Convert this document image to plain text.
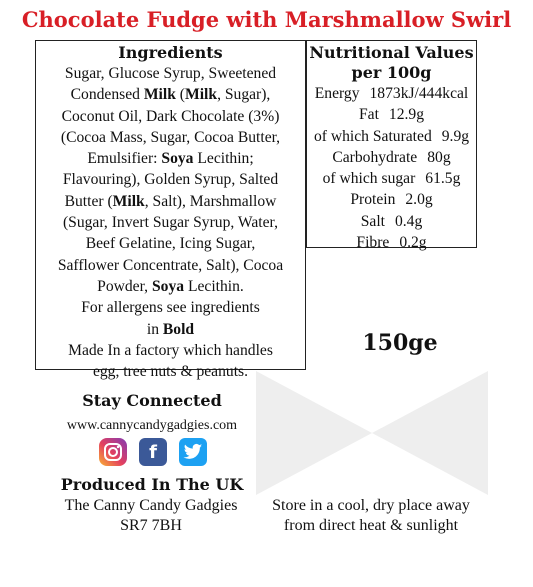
Chocolate Fudge with Marshmallow Swirl
Ingredients
Sugar, Glucose Syrup, Sweetened
Condensed Milk (Milk, Sugar),
Coconut Oil, Dark Chocolate (3%)
(Cocoa Mass, Sugar, Cocoa Butter,
Emulsifier: Soya Lecithin;
Flavouring), Golden Syrup, Salted
Butter (Milk, Salt), Marshmallow
(Sugar, Invert Sugar Syrup, Water,
Beef Gelatine, Icing Sugar,
Safflower Concentrate, Salt), Cocoa
Powder, Soya Lecithin.
For allergens see ingredients
in Bold
Made In a factory which handles
egg, tree nuts & peanuts.
Nutritional Values
per 100g
Energy 1873kJ/444kcal
Fat 12.9g
of which Saturated 9.9g
Carbohydrate 80g
of which sugar 61.5g
Protein 2.0g
Salt 0.4g
Fibre 0.2g
150gе
Stay Connected
www.cannycandygadgies.com
f
Produced In The UK
The Canny Candy Gadgies
SR7 7BH
Store in a cool, dry place away
from direct heat & sunlight
